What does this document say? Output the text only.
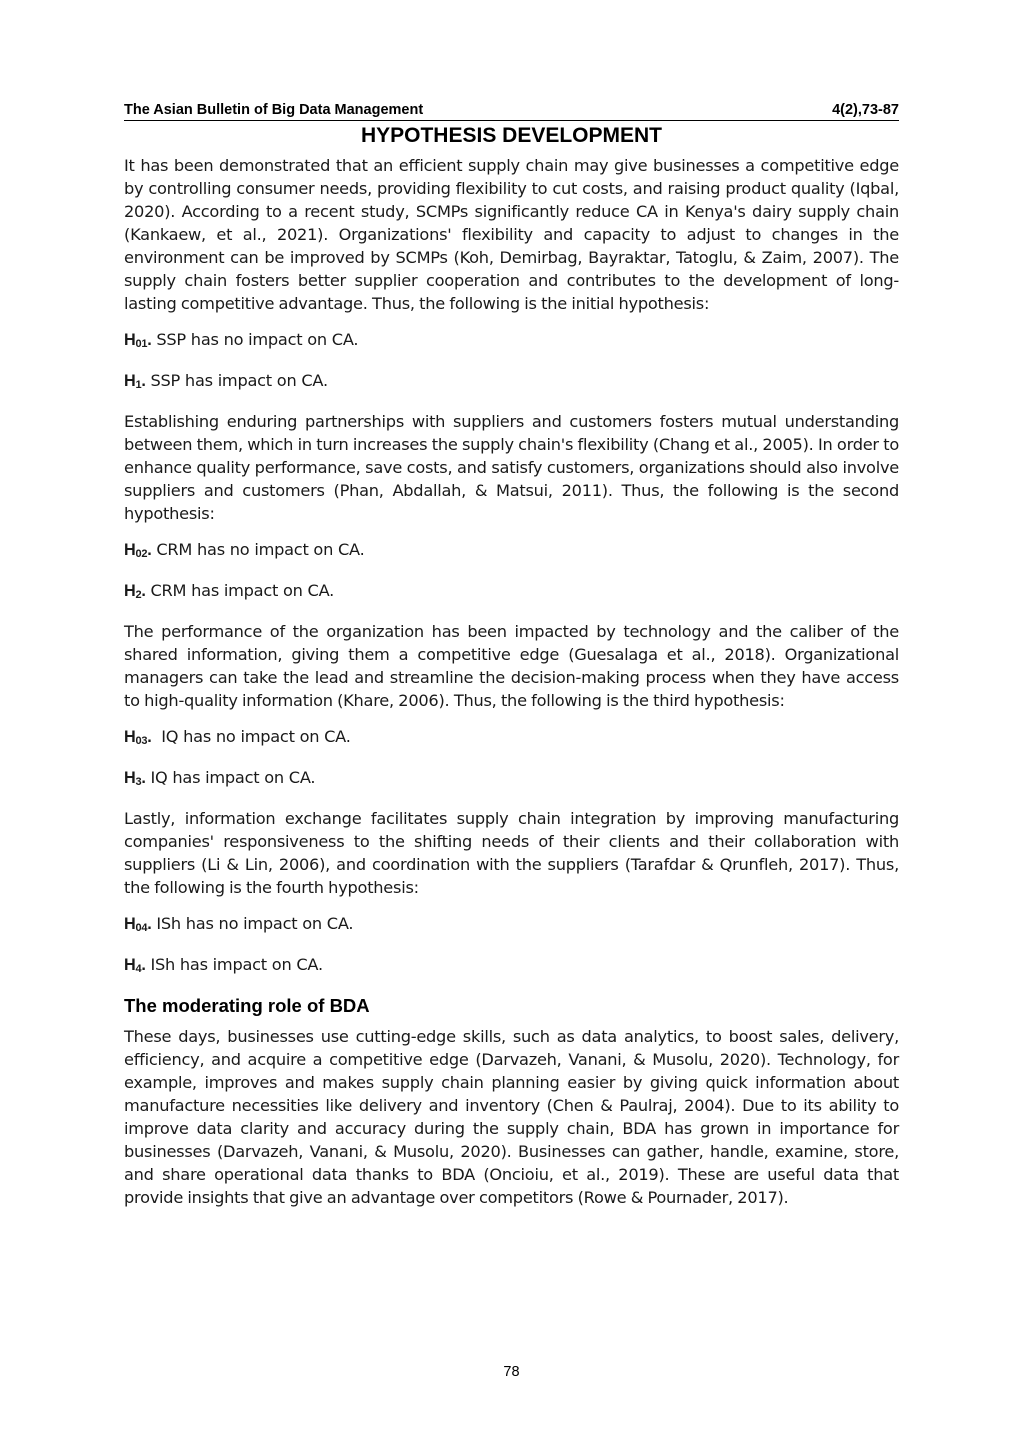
The Asian Bulletin of Big Data Management	4(2),73-87
HYPOTHESIS DEVELOPMENT

It has been demonstrated that an efficient supply chain may give businesses a competitive edge by controlling consumer needs, providing flexibility to cut costs, and raising product quality (Iqbal, 2020). According to a recent study, SCMPs significantly reduce CA in Kenya's dairy supply chain (Kankaew, et al., 2021). Organizations' flexibility and capacity to adjust to changes in the environment can be improved by SCMPs (Koh, Demirbag, Bayraktar, Tatoglu, & Zaim, 2007). The supply chain fosters better supplier cooperation and contributes to the development of long-lasting competitive advantage. Thus, the following is the initial hypothesis:

$H_{01}$. SSP has no impact on CA.
$H_1$. SSP has impact on CA.

Establishing enduring partnerships with suppliers and customers fosters mutual understanding between them, which in turn increases the supply chain's flexibility (Chang et al., 2005). In order to enhance quality performance, save costs, and satisfy customers, organizations should also involve suppliers and customers (Phan, Abdallah, & Matsui, 2011). Thus, the following is the second hypothesis:

$H_{02}$. CRM has no impact on CA.
$H_2$. CRM has impact on CA.

The performance of the organization has been impacted by technology and the caliber of the shared information, giving them a competitive edge (Guesalaga et al., 2018). Organizational managers can take the lead and streamline the decision-making process when they have access to high-quality information (Khare, 2006). Thus, the following is the third hypothesis:

$H_{03}$.  IQ has no impact on CA.
$H_3$. IQ has impact on CA.

Lastly, information exchange facilitates supply chain integration by improving manufacturing companies' responsiveness to the shifting needs of their clients and their collaboration with suppliers (Li & Lin, 2006), and coordination with the suppliers (Tarafdar & Qrunfleh, 2017). Thus, the following is the fourth hypothesis:

$H_{04}$. ISh has no impact on CA.
$H_4$. ISh has impact on CA.
The moderating role of BDA

These days, businesses use cutting-edge skills, such as data analytics, to boost sales, delivery, efficiency, and acquire a competitive edge (Darvazeh, Vanani, & Musolu, 2020). Technology, for example, improves and makes supply chain planning easier by giving quick information about manufacture necessities like delivery and inventory (Chen & Paulraj, 2004). Due to its ability to improve data clarity and accuracy during the supply chain, BDA has grown in importance for businesses (Darvazeh, Vanani, & Musolu, 2020). Businesses can gather, handle, examine, store, and share operational data thanks to BDA (Oncioiu, et al., 2019). These are useful data that provide insights that give an advantage over competitors (Rowe & Pournader, 2017).

78
